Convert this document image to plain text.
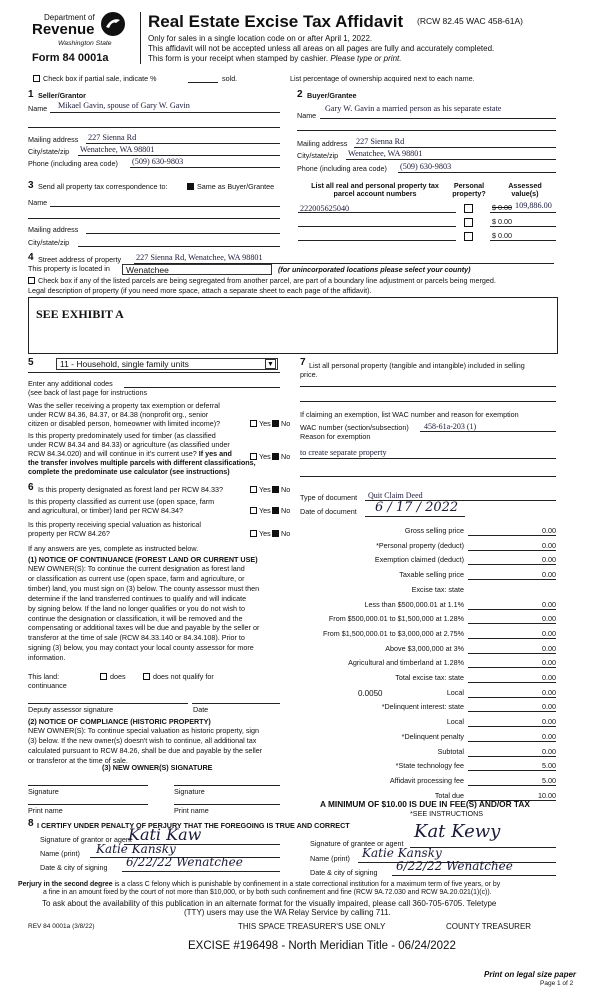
Department of
Revenue
Washington State
Form 84 0001a
Real Estate Excise Tax Affidavit (RCW 82.45 WAC 458-61A)
Only for sales in a single location code on or after April 1, 2022.
This affidavit will not be accepted unless all areas on all pages are fully and accurately completed.
This form is your receipt when stamped by cashier. Please type or print.
Check box if partial sale, indicate %	sold.	List percentage of ownership acquired next to each name.
1 Seller/Grantor
Name Mikael Gavin, spouse of Gary W. Gavin
Mailing address 227 Sienna Rd
City/state/zip Wenatchee, WA 98801
Phone (including area code) (509) 630-9803
2 Buyer/Grantee
Gary W. Gavin a married person as his separate estate
Name
Mailing address 227 Sienna Rd
City/state/zip Wenatchee, WA 98801
Phone (including area code) (509) 630-9803
3 Send all property tax correspondence to:	Same as Buyer/Grantee
Name
Mailing address
City/state/zip
List all real and personal property tax
parcel account numbers
Personal
property?
Assessed
value(s)
222005625040	$ 0.00 109,886.00
$ 0.00
$ 0.00
4 Street address of property 227 Sienna Rd, Wenatchee, WA 98801
This property is located in	Wenatchee	(for unincorporated locations please select your county)
Check box if any of the listed parcels are being segregated from another parcel, are part of a boundary line adjustment or parcels being merged.
Legal description of property (if you need more space, attach a separate sheet to each page of the affidavit).
SEE EXHIBIT A
5	11 - Household, single family units	▼
Enter any additional codes
(see back of last page for instructions
Was the seller receiving a property tax exemption or deferral
under RCW 84.36, 84.37, or 84.38 (nonprofit org., senior
citizen or disabled person, homeowner with limited income)?	Yes No
Is this property predominately used for timber (as classified
under RCW 84.34 and 84.33) or agriculture (as classified under
RCW 84.34.020) and will continue in it's current use? If yes and	Yes No
the transfer involves multiple parcels with different classifications,
complete the predominate use calculator (see instructions)
7 List all personal property (tangible and intangible) included in selling
price.
If claiming an exemption, list WAC number and reason for exemption
WAC number (section/subsection) 458-61a-203 (1)
Reason for exemption
to create separate property
6 Is this property designated as forest land per RCW 84.33?	Yes No
Is this property classified as current use (open space, farm
and agricultural, or timber) land per RCW 84.34?	Yes No
Is this property receiving special valuation as historical
property per RCW 84.26?	Yes No
If any answers are yes, complete as instructed below.
(1) NOTICE OF CONTINUANCE (FOREST LAND OR CURRENT USE)
NEW OWNER(S): To continue the current designation as forest land
or classification as current use (open space, farm and agriculture, or
timber) land, you must sign on (3) below. The county assessor must then
determine if the land transferred continues to qualify and will indicate
by signing below. If the land no longer qualifies or you do not wish to
continue the designation or classification, it will be removed and the
compensating or additional taxes will be due and payable by the seller or
transferor at the time of sale (RCW 84.33.140 or 84.34.108). Prior to
signing (3) below, you may contact your local county assessor for more
information.
This land:
continuance
does	does not qualify for
Deputy assessor signature	Date
(2) NOTICE OF COMPLIANCE (HISTORIC PROPERTY)
NEW OWNER(S): To continue special valuation as historic property, sign
(3) below. If the new owner(s) doesn't wish to continue, all additional tax
calculated pursuant to RCW 84.26, shall be due and payable by the seller
or transferor at the time of sale.
(3) NEW OWNER(S) SIGNATURE
Signature	Signature
Print name	Print name
Type of document Quit Claim Deed
Date of document 6 / 17 / 2022
Gross selling price	0.00
*Personal property (deduct)	0.00
Exemption claimed (deduct)	0.00
Taxable selling price	0.00
Excise tax: state
Less than $500,000.01 at 1.1%	0.00
From $500,000.01 to $1,500,000 at 1.28%	0.00
From $1,500,000.01 to $3,000,000 at 2.75%	0.00
Above $3,000,000 at 3%	0.00
Agricultural and timberland at 1.28%	0.00
Total excise tax: state	0.00
Local	0.00
0.0050
*Delinquent interest: state	0.00
Local	0.00
*Delinquent penalty	0.00
Subtotal	0.00
*State technology fee	5.00
Affidavit processing fee	5.00
Total due	10.00
A MINIMUM OF $10.00 IS DUE IN FEE(S) AND/OR TAX
*SEE INSTRUCTIONS
8 I CERTIFY UNDER PENALTY OF PERJURY THAT THE FOREGOING IS TRUE AND CORRECT
Signature of grantor or agent
Kati Kaw
Name (print) Katie Kansky
Date & city of signing 6/22/22 Wenatchee
Signature of grantee or agent
Kat Kewy
Name (print) Katie Kansky
Date & city of signing 6/22/22 Wenatchee
Perjury in the second degree is a class C felony which is punishable by confinement in a state correctional institution for a maximum term of five years, or by
a fine in an amount fixed by the court of not more than $10,000, or by both such confinement and fine (RCW 9A.72.030 and RCW 9A.20.021(1)(c)).
To ask about the availability of this publication in an alternate format for the visually impaired, please call 360-705-6705. Teletype
(TTY) users may use the WA Relay Service by calling 711.
REV 84 0001a (3/8/22)	THIS SPACE TREASURER'S USE ONLY	COUNTY TREASURER
EXCISE #196498 - North Meridian Title - 06/24/2022
Print on legal size paper
Page 1 of 2
